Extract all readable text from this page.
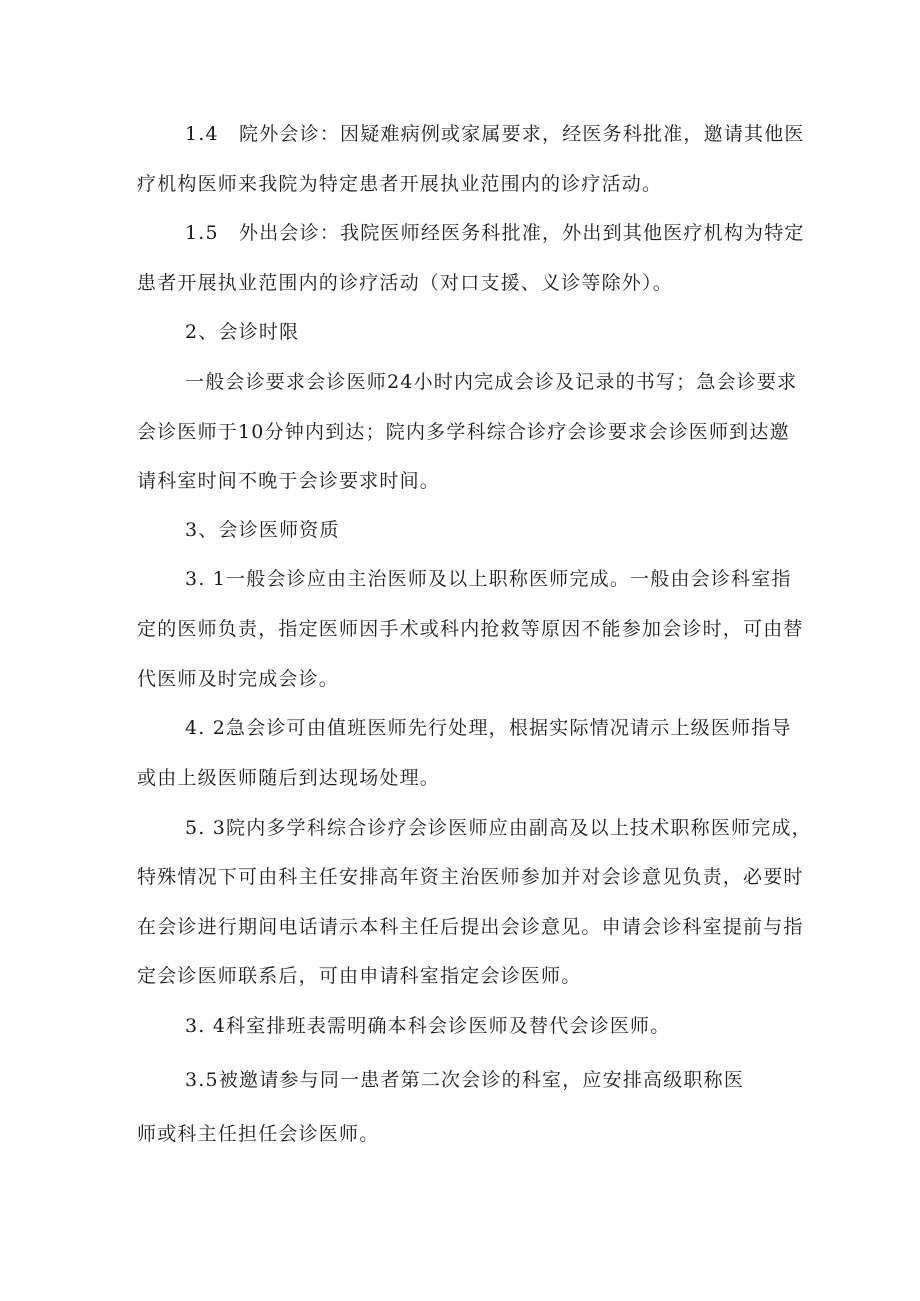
1.4　院外会诊：因疑难病例或家属要求，经医务科批准，邀请其他医
疗机构医师来我院为特定患者开展执业范围内的诊疗活动。
1.5　外出会诊：我院医师经医务科批准，外出到其他医疗机构为特定
患者开展执业范围内的诊疗活动（对口支援、义诊等除外）。
2、会诊时限
一般会诊要求会诊医师24小时内完成会诊及记录的书写；急会诊要求
会诊医师于10分钟内到达；院内多学科综合诊疗会诊要求会诊医师到达邀
请科室时间不晚于会诊要求时间。
3、会诊医师资质
3. 1一般会诊应由主治医师及以上职称医师完成。一般由会诊科室指
定的医师负责，指定医师因手术或科内抢救等原因不能参加会诊时，可由替
代医师及时完成会诊。
4. 2急会诊可由值班医师先行处理，根据实际情况请示上级医师指导
或由上级医师随后到达现场处理。
5. 3院内多学科综合诊疗会诊医师应由副高及以上技术职称医师完成，
特殊情况下可由科主任安排高年资主治医师参加并对会诊意见负责，必要时
在会诊进行期间电话请示本科主任后提出会诊意见。申请会诊科室提前与指
定会诊医师联系后，可由申请科室指定会诊医师。
3. 4科室排班表需明确本科会诊医师及替代会诊医师。
3.5被邀请参与同一患者第二次会诊的科室，应安排高级职称医
师或科主任担任会诊医师。
